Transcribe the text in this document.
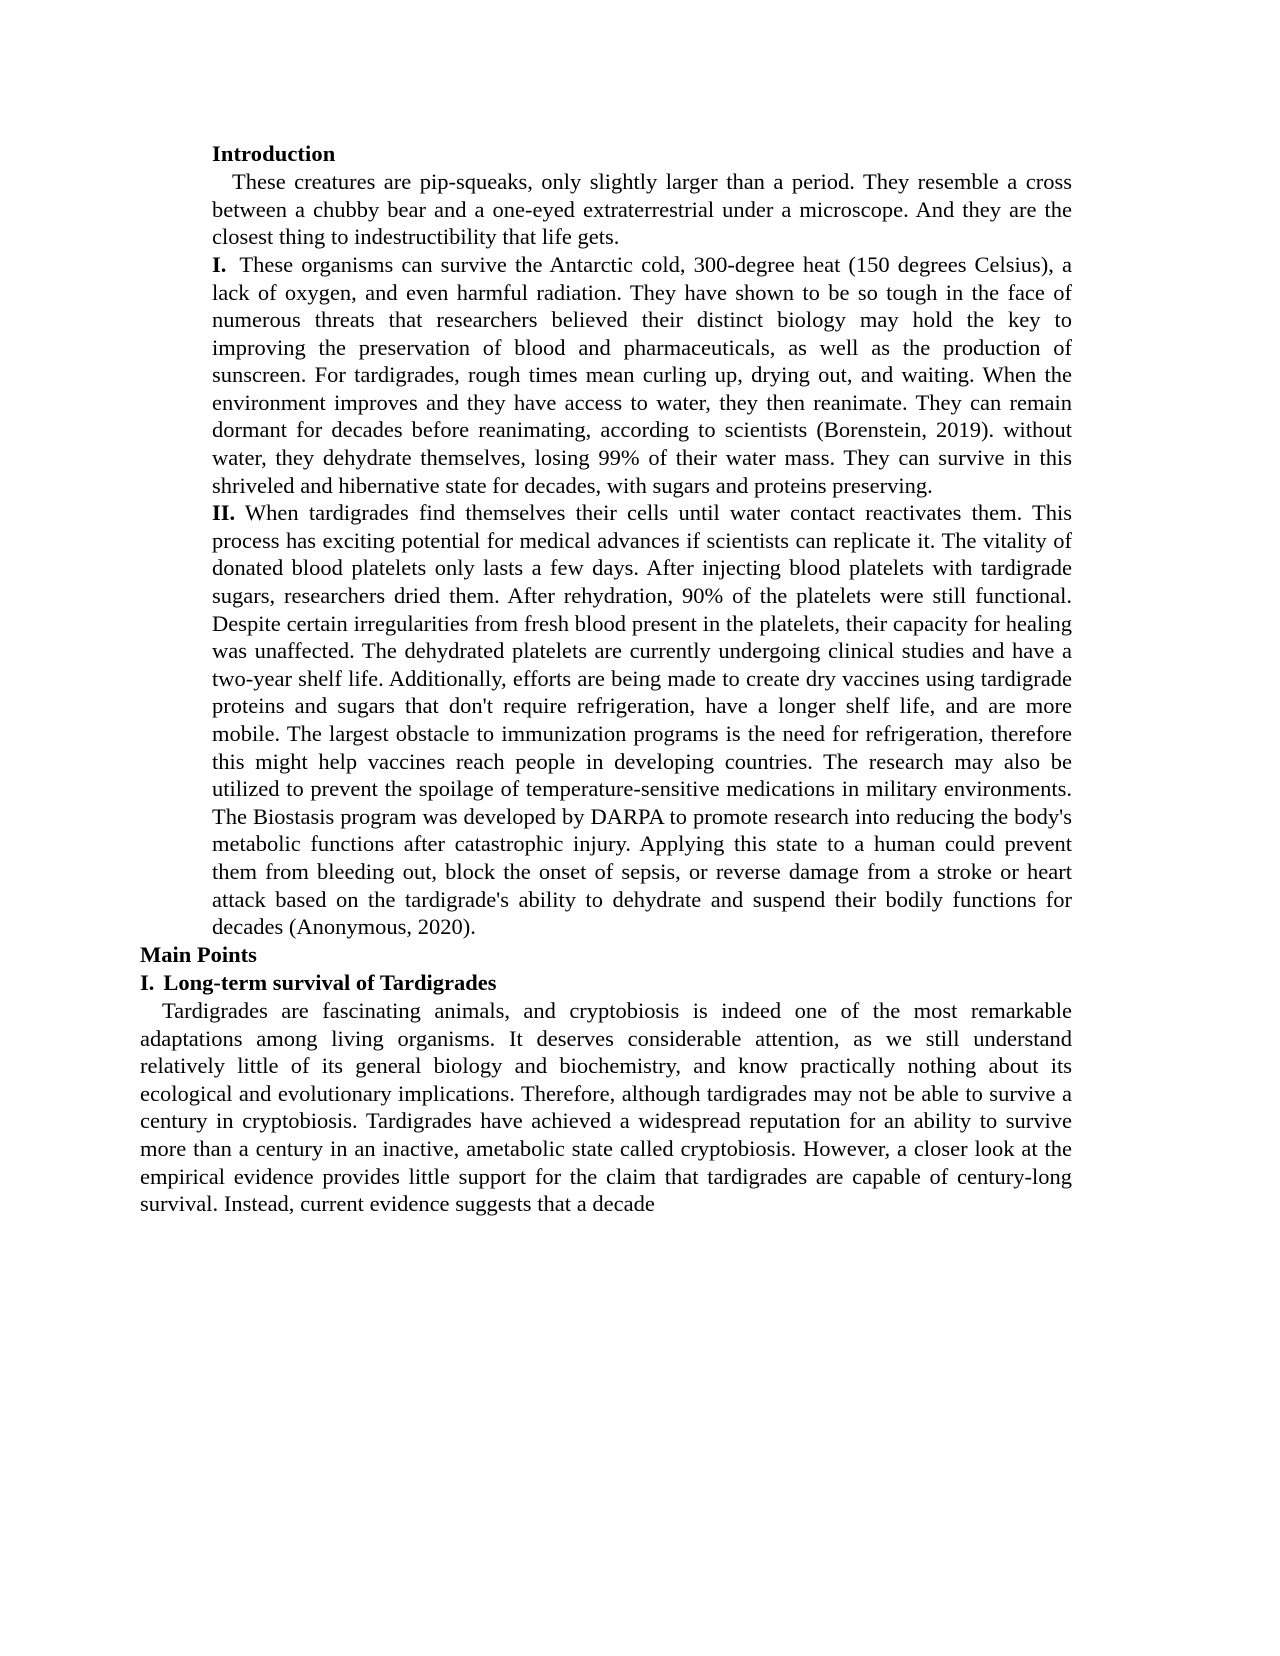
Introduction

These creatures are pip-squeaks, only slightly larger than a period. They resemble a cross between a chubby bear and a one-eyed extraterrestrial under a microscope. And they are the closest thing to indestructibility that life gets.

I. These organisms can survive the Antarctic cold, 300-degree heat (150 degrees Celsius), a lack of oxygen, and even harmful radiation. They have shown to be so tough in the face of numerous threats that researchers believed their distinct biology may hold the key to improving the preservation of blood and pharmaceuticals, as well as the production of sunscreen. For tardigrades, rough times mean curling up, drying out, and waiting. When the environment improves and they have access to water, they then reanimate. They can remain dormant for decades before reanimating, according to scientists (Borenstein, 2019). without water, they dehydrate themselves, losing 99% of their water mass. They can survive in this shriveled and hibernative state for decades, with sugars and proteins preserving.

II. When tardigrades find themselves their cells until water contact reactivates them. This process has exciting potential for medical advances if scientists can replicate it. The vitality of donated blood platelets only lasts a few days. After injecting blood platelets with tardigrade sugars, researchers dried them. After rehydration, 90% of the platelets were still functional. Despite certain irregularities from fresh blood present in the platelets, their capacity for healing was unaffected. The dehydrated platelets are currently undergoing clinical studies and have a two-year shelf life. Additionally, efforts are being made to create dry vaccines using tardigrade proteins and sugars that don't require refrigeration, have a longer shelf life, and are more mobile. The largest obstacle to immunization programs is the need for refrigeration, therefore this might help vaccines reach people in developing countries. The research may also be utilized to prevent the spoilage of temperature-sensitive medications in military environments. The Biostasis program was developed by DARPA to promote research into reducing the body's metabolic functions after catastrophic injury. Applying this state to a human could prevent them from bleeding out, block the onset of sepsis, or reverse damage from a stroke or heart attack based on the tardigrade's ability to dehydrate and suspend their bodily functions for decades (Anonymous, 2020).

Main Points
I. Long-term survival of Tardigrades

Tardigrades are fascinating animals, and cryptobiosis is indeed one of the most remarkable adaptations among living organisms. It deserves considerable attention, as we still understand relatively little of its general biology and biochemistry, and know practically nothing about its ecological and evolutionary implications. Therefore, although tardigrades may not be able to survive a century in cryptobiosis. Tardigrades have achieved a widespread reputation for an ability to survive more than a century in an inactive, ametabolic state called cryptobiosis. However, a closer look at the empirical evidence provides little support for the claim that tardigrades are capable of century-long survival. Instead, current evidence suggests that a decade
